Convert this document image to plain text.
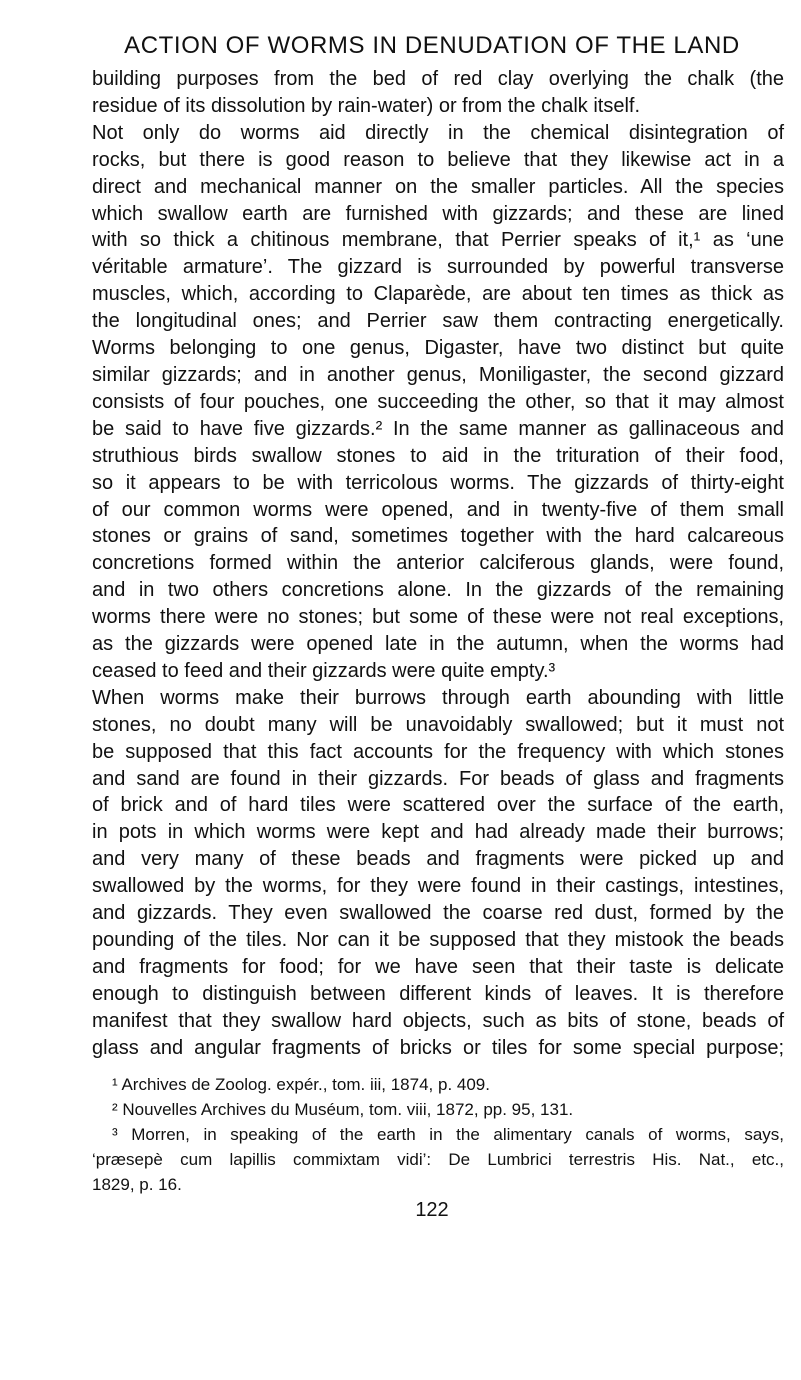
ACTION OF WORMS IN DENUDATION OF THE LAND
building purposes from the bed of red clay overlying the chalk (the
residue of its dissolution by rain-water) or from the chalk itself.
Not only do worms aid directly in the chemical disintegration of
rocks, but there is good reason to believe that they likewise act in a
direct and mechanical manner on the smaller particles. All the species
which swallow earth are furnished with gizzards; and these are lined
with so thick a chitinous membrane, that Perrier speaks of it,¹ as ‘une
véritable armature’. The gizzard is surrounded by powerful transverse
muscles, which, according to Claparède, are about ten times as thick as
the longitudinal ones; and Perrier saw them contracting energetically.
Worms belonging to one genus, Digaster, have two distinct but quite
similar gizzards; and in another genus, Moniligaster, the second gizzard
consists of four pouches, one succeeding the other, so that it may almost
be said to have five gizzards.² In the same manner as gallinaceous and
struthious birds swallow stones to aid in the trituration of their food,
so it appears to be with terricolous worms. The gizzards of thirty-eight
of our common worms were opened, and in twenty-five of them small
stones or grains of sand, sometimes together with the hard calcareous
concretions formed within the anterior calciferous glands, were found,
and in two others concretions alone. In the gizzards of the remaining
worms there were no stones; but some of these were not real exceptions,
as the gizzards were opened late in the autumn, when the worms had
ceased to feed and their gizzards were quite empty.³
When worms make their burrows through earth abounding with little
stones, no doubt many will be unavoidably swallowed; but it must not
be supposed that this fact accounts for the frequency with which stones
and sand are found in their gizzards. For beads of glass and fragments
of brick and of hard tiles were scattered over the surface of the earth,
in pots in which worms were kept and had already made their burrows;
and very many of these beads and fragments were picked up and
swallowed by the worms, for they were found in their castings, intestines,
and gizzards. They even swallowed the coarse red dust, formed by the
pounding of the tiles. Nor can it be supposed that they mistook the beads
and fragments for food; for we have seen that their taste is delicate
enough to distinguish between different kinds of leaves. It is therefore
manifest that they swallow hard objects, such as bits of stone, beads of
glass and angular fragments of bricks or tiles for some special purpose;
¹ Archives de Zoolog. expér., tom. iii, 1874, p. 409.
² Nouvelles Archives du Muséum, tom. viii, 1872, pp. 95, 131.
³ Morren, in speaking of the earth in the alimentary canals of worms, says,
‘præsepè cum lapillis commixtam vidi’: De Lumbrici terrestris His. Nat., etc.,
1829, p. 16.
122
